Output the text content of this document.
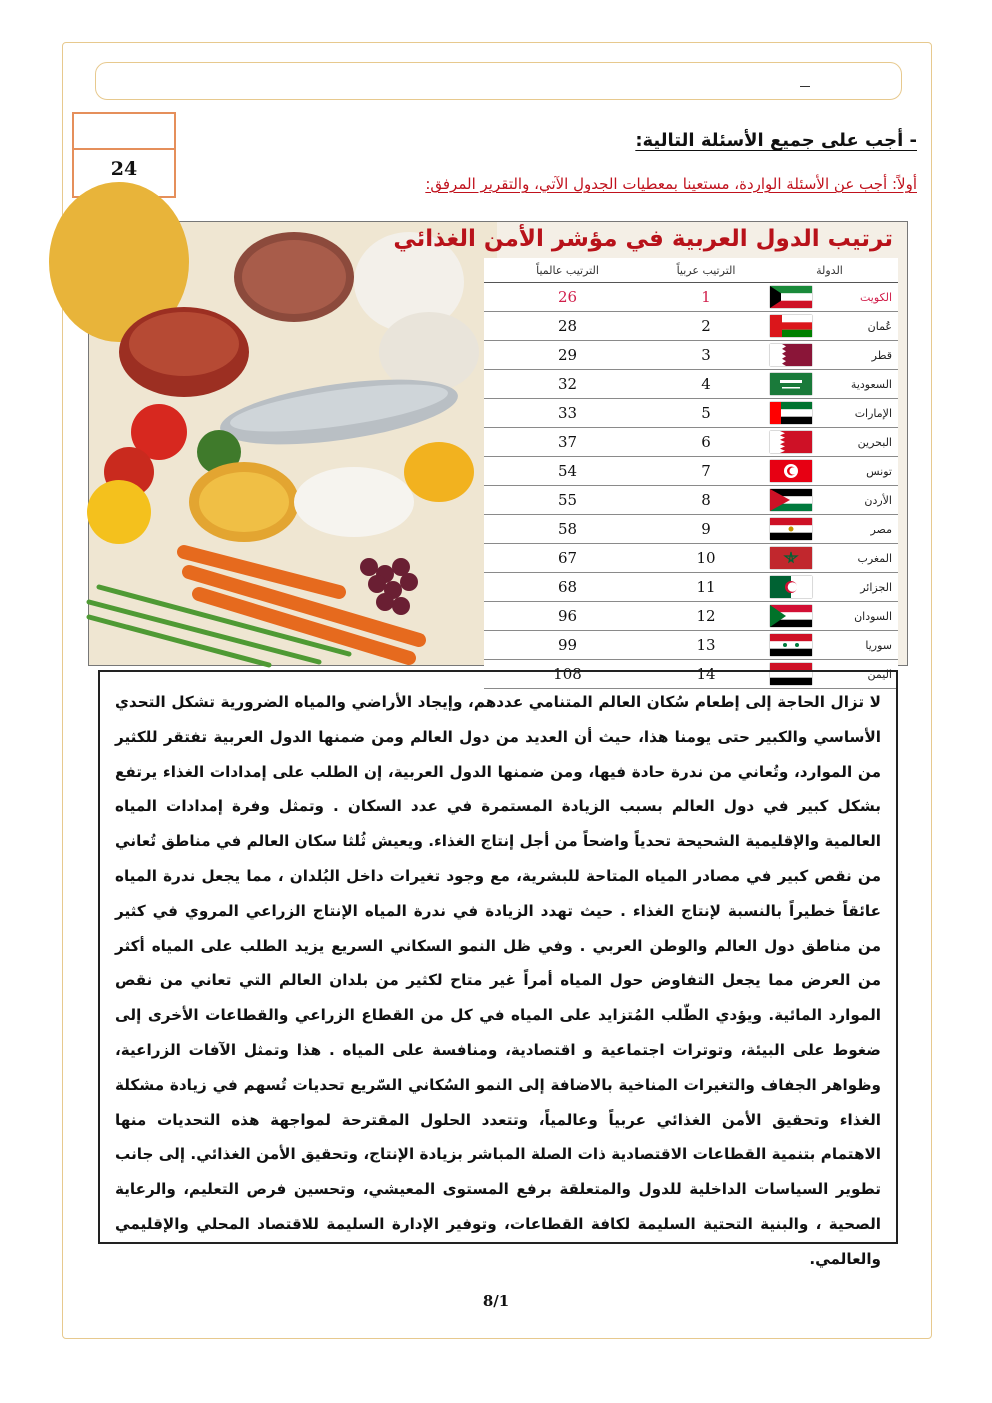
24
- أجب على جميع الأسئلة التالية:
أولاً: أجب عن الأسئلة الواردة، مستعينا بمعطيات الجدول الآتي، والتقرير المرفق:
ترتيب الدول العربية في مؤشر الأمن الغذائي
الدولة		الترتيب عربياً	الترتيب عالمياً
الكويت		1	26
عُمان		2	28
قطر		3	29
السعودية		4	32
الإمارات		5	33
البحرين		6	37
تونس		7	54
الأردن		8	55
مصر		9	58
المغرب		10	67
الجزائر		11	68
السودان		12	96
سوريا		13	99
اليمن		14	108

لا تزال الحاجة إلى إطعام سُكان العالم المتنامي عددهم، وإيجاد الأراضي والمياه الضرورية تشكل التحدي الأساسي والكبير حتى يومنا هذا، حيث أن العديد من دول العالم ومن ضمنها الدول العربية تفتقر للكثير من الموارد، وتُعاني من ندرة حادة فيها، ومن ضمنها الدول العربية، إن الطلب على إمدادات الغذاء يرتفع بشكل كبير في دول العالم بسبب الزيادة المستمرة في عدد السكان . وتمثل وفرة إمدادات المياه العالمية والإقليمية الشحيحة تحدياً واضحاً من أجل إنتاج الغذاء. ويعيش ثُلثا سكان العالم في مناطق تُعاني من نقص كبير في مصادر المياه المتاحة للبشرية، مع وجود تغيرات داخل البُلدان ، مما يجعل ندرة المياه عائقاً خطيراً بالنسبة لإنتاج الغذاء . حيث تهدد الزيادة في ندرة المياه الإنتاج الزراعي المروي في كثير من مناطق دول العالم والوطن العربي . وفي ظل النمو السكاني السريع يزيد الطلب على المياه أكثر من العرض مما يجعل التفاوض حول المياه أمراً غير متاح لكثير من بلدان العالم التي تعاني من نقص الموارد المائية. ويؤدي الطّلب المُتزايد على المياه في كل من القطاع الزراعي والقطاعات الأخرى إلى ضغوط على البيئة، وتوترات اجتماعية و اقتصادية، ومنافسة على المياه . هذا وتمثل الآفات الزراعية، وظواهر الجفاف والتغيرات المناخية بالاضافة إلى النمو السُكاني السّريع تحديات تُسهم في زيادة مشكلة الغذاء وتحقيق الأمن الغذائي عربياً وعالمياً، وتتعدد الحلول المقترحة لمواجهة هذه التحديات منها الاهتمام بتنمية القطاعات الاقتصادية ذات الصلة المباشر بزيادة الإنتاج، وتحقيق الأمن الغذائي. إلى جانب تطوير السياسات الداخلية للدول والمتعلقة برفع المستوى المعيشي، وتحسين فرص التعليم، والرعاية الصحية ، والبنية التحتية السليمة لكافة القطاعات، وتوفير الإدارة السليمة للاقتصاد المحلي والإقليمي والعالمي.

8/1
